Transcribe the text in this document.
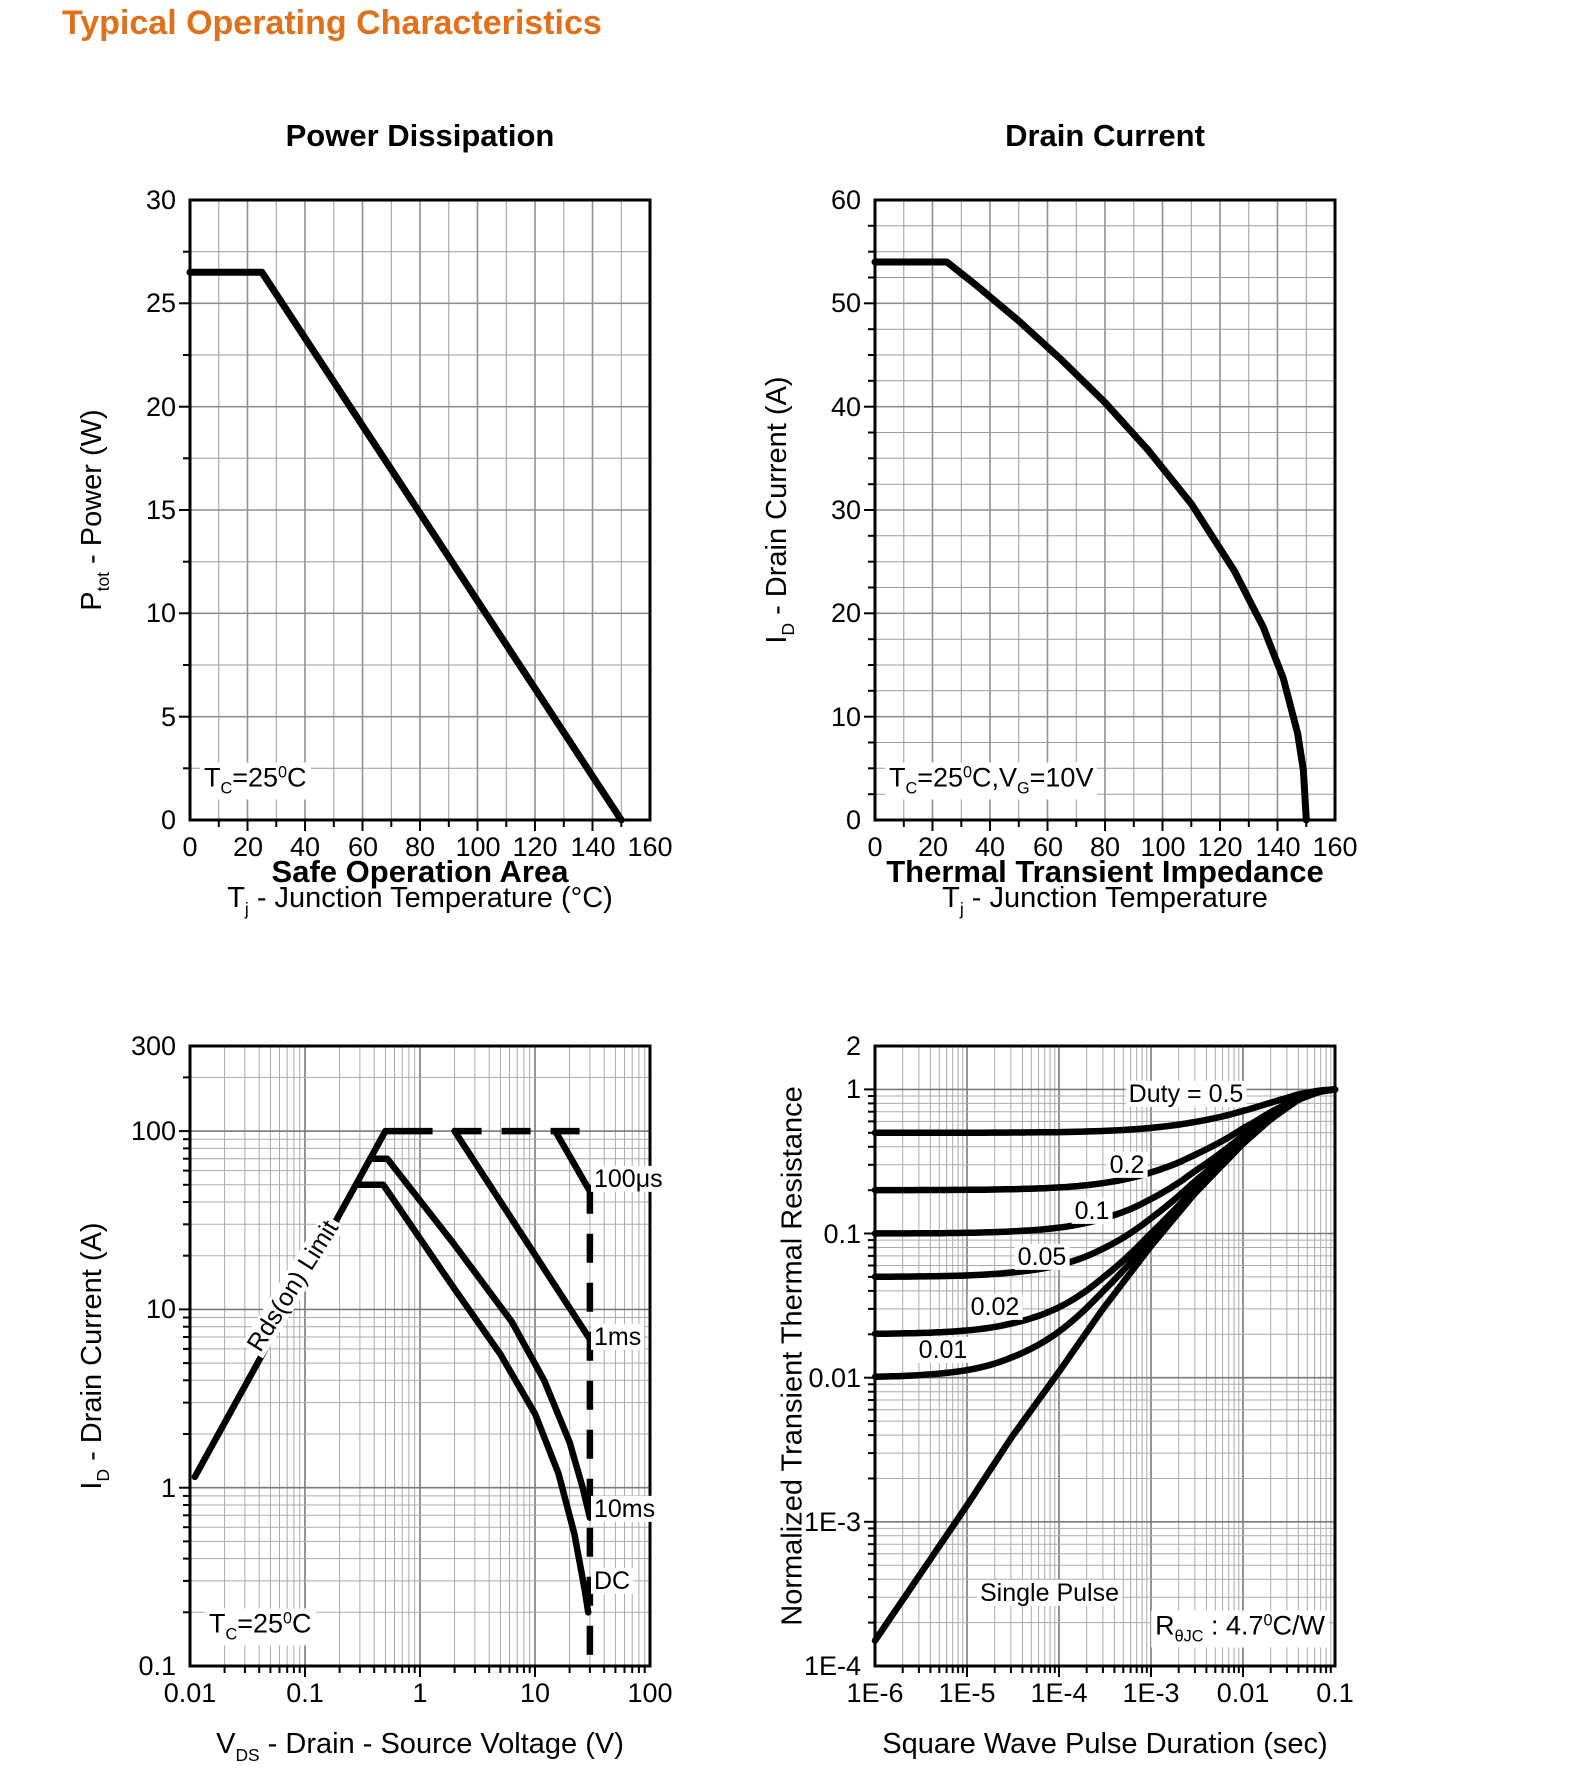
Typical Operating Characteristics
Power Dissipation
$P_{tot}$ - Power (W)
$T_j$ - Junction Temperature (°C)
0 20 40 60 80 100 120 140 160
30
25
20
15
10
5
0
$T_C=25^0C$
Drain Current
$I_D$ - Drain Current (A)
$T_j$ - Junction Temperature
0 20 40 60 80 100 120 140 160
60
50
40
30
20
10
0
$T_C=25^0C,V_G=10V$
Safe Operation Area
$I_D$ - Drain Current (A)
$V_{DS}$ - Drain - Source Voltage (V)
0.01	0.1	1	10	100
300
100
10
1
0.1
100μs
1ms
10ms
DC
Rds(on) Limit
$T_C=25^0C$
Thermal Transient Impedance
Normalized Transient Thermal Resistance
Square Wave Pulse Duration (sec)
1E-6 1E-5 1E-4 1E-3 0.01 0.1
2
1
0.1
0.01
1E-3
1E-4
Duty = 0.5
0.2
0.1
0.05
0.02
0.01
Single Pulse
$R_{\theta JC}$ : $4.7^0C/W$
